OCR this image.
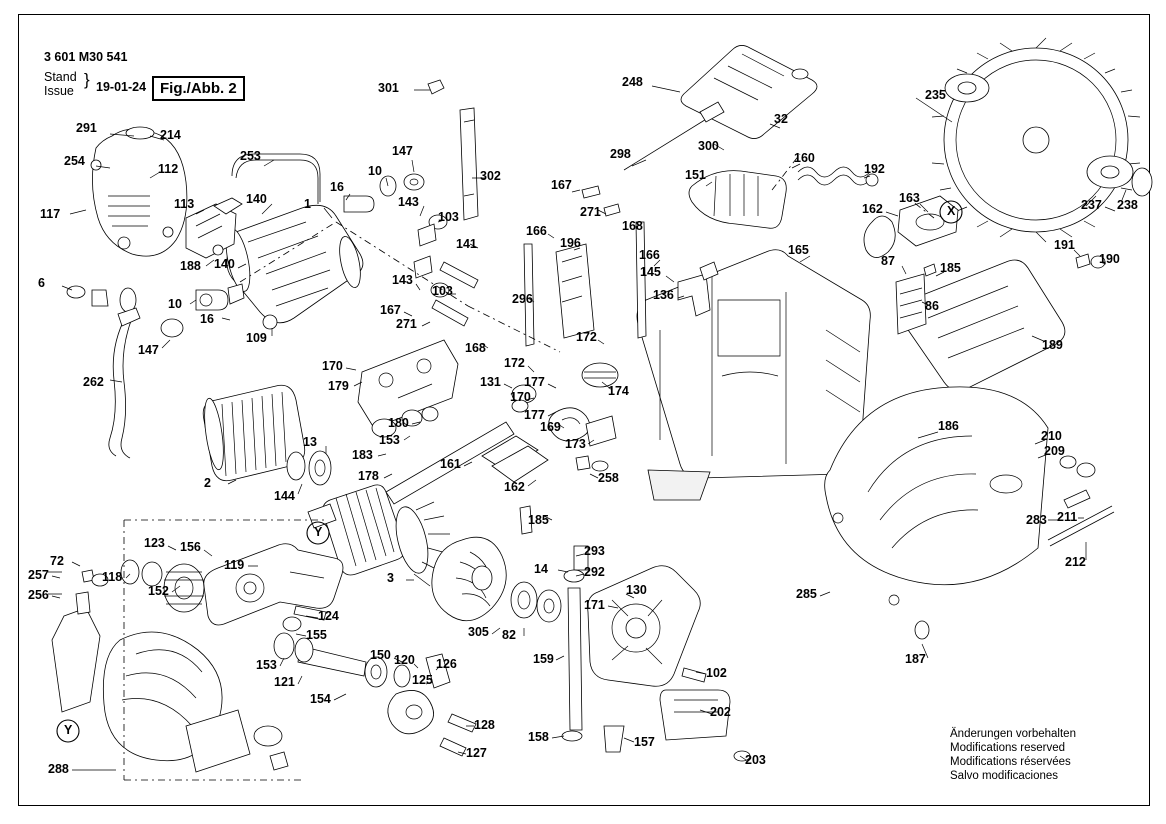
3 601 M30 541
Stand
Issue
} 19-01-24 Fig./Abb. 2
Änderungen vorbehalten
Modifications reserved
Modifications réservées
Salvo modificaciones
301	248
235
291	214
32
254
112
253	147
302
298
300
160
192
237 238
117
113	140
16
10
1	143
103
167
151
162
163
271
168
166
196
141	191
190
87	185
165
166
188 140
143
103
145
86
6
10
16
296	136
109
167
271
147	189
168
172
262
170
179
172
131 177
174
170
177
180
153
169
173
186
210
209
13
183
161
162
258
178
2
144
283 211
212
185
123 156
119
293
72
257	118
152
14	292
285
256
3
171
130
124
155	305 82
159
153
150 120 126
102
121
154
125
187
128
158	157
202
127	203
288
X
Y
Y
